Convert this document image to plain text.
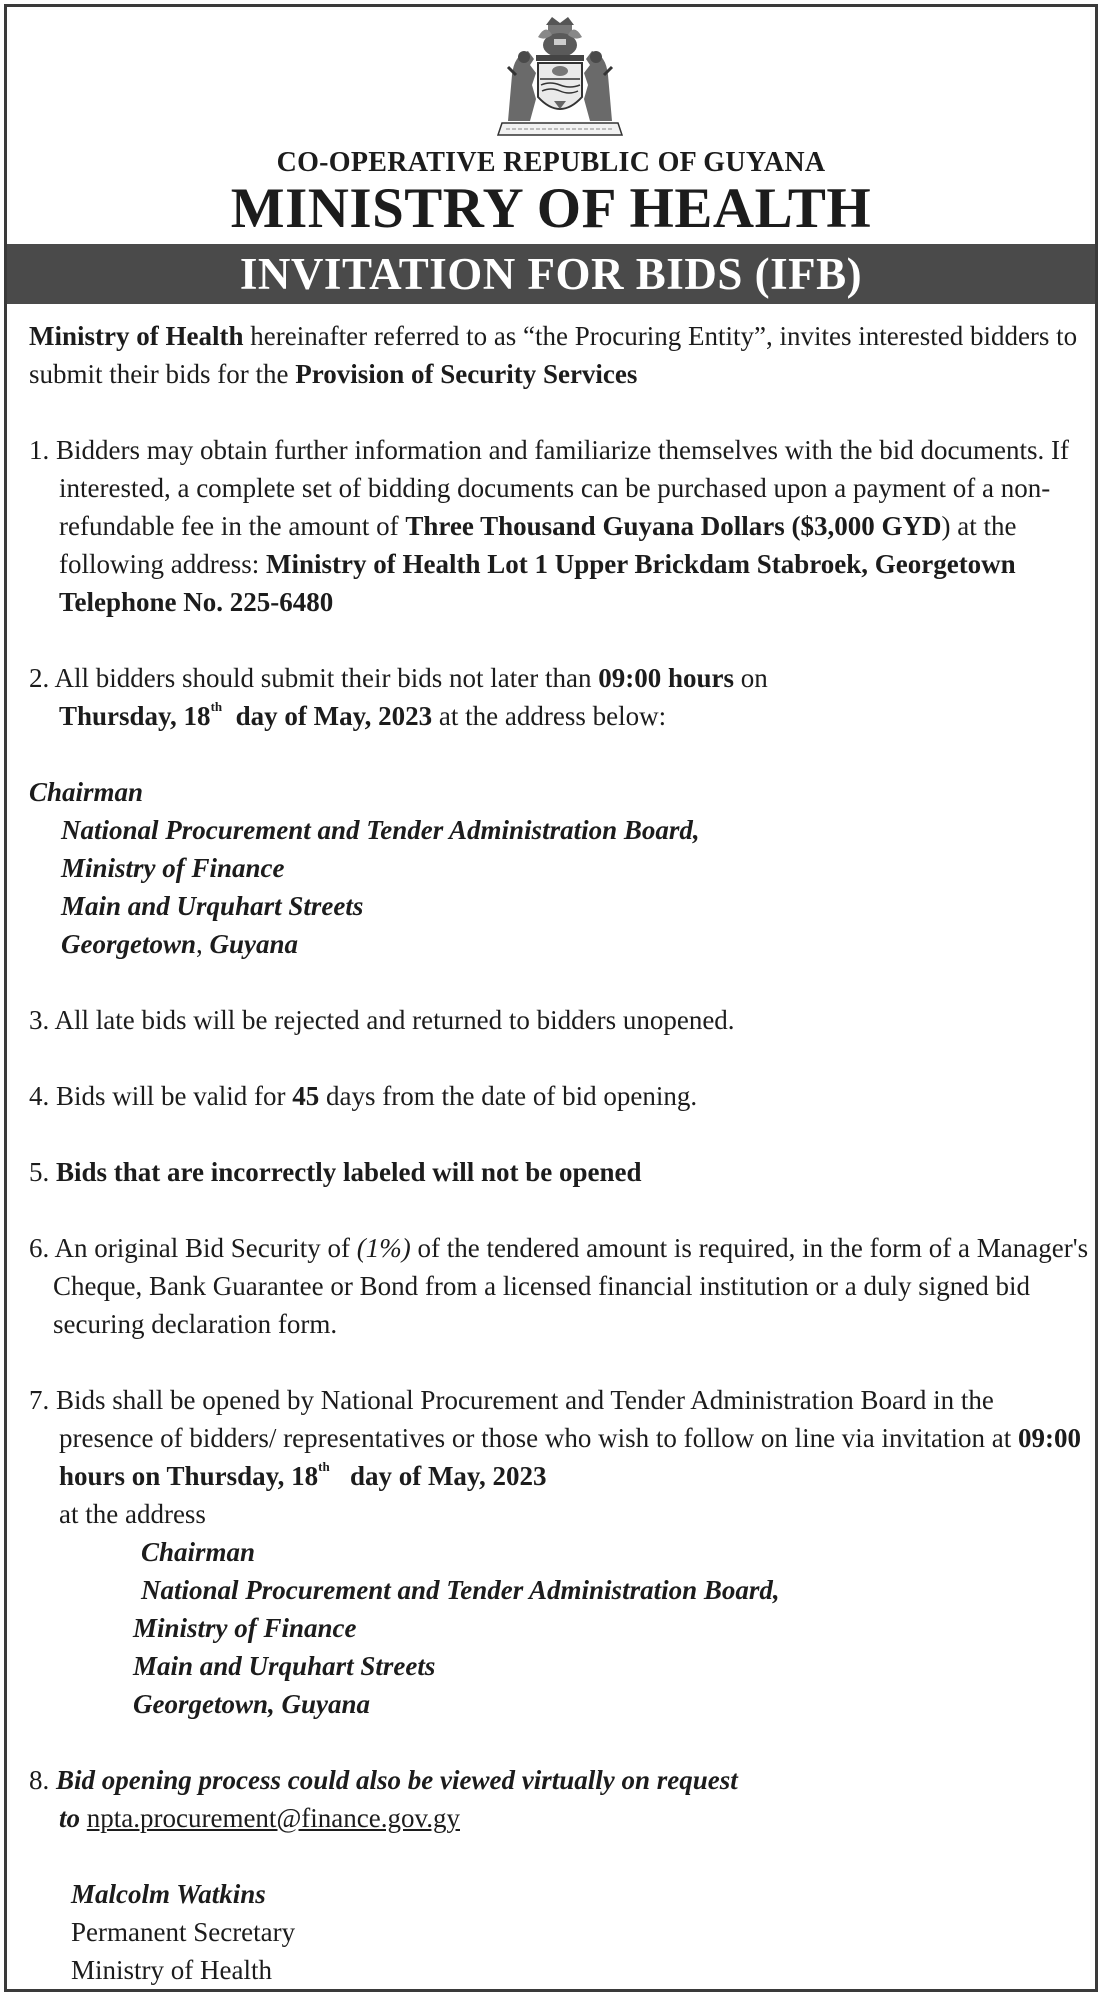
CO-OPERATIVE REPUBLIC OF GUYANA
MINISTRY OF HEALTH
INVITATION FOR BIDS (IFB)

Ministry of Health hereinafter referred to as “the Procuring Entity”, invites interested bidders to submit their bids for the Provision of Security Services

1. Bidders may obtain further information and familiarize themselves with the bid documents. If interested, a complete set of bidding documents can be purchased upon a payment of a non-refundable fee in the amount of Three Thousand Guyana Dollars ($3,000 GYD) at the following address: Ministry of Health Lot 1 Upper Brickdam Stabroek, Georgetown Telephone No. 225-6480

2. All bidders should submit their bids not later than 09:00 hours on
Thursday, 18th  day of May, 2023 at the address below:

Chairman

National Procurement and Tender Administration Board,

Ministry of Finance

Main and Urquhart Streets

Georgetown, Guyana

3. All late bids will be rejected and returned to bidders unopened.

4. Bids will be valid for 45 days from the date of bid opening.

5. Bids that are incorrectly labeled will not be opened

6. An original Bid Security of (1%) of the tendered amount is required, in the form of a Manager's Cheque, Bank Guarantee or Bond from a licensed financial institution or a duly signed bid securing declaration form.

7. Bids shall be opened by National Procurement and Tender Administration Board in the presence of bidders/ representatives or those who wish to follow on line via invitation at 09:00 hours on Thursday, 18th   day of May, 2023
at the address

Chairman

National Procurement and Tender Administration Board,

Ministry of Finance

Main and Urquhart Streets

Georgetown, Guyana

8. Bid opening process could also be viewed virtually on request
to npta.procurement@finance.gov.gy

Malcolm Watkins

Permanent Secretary

Ministry of Health
